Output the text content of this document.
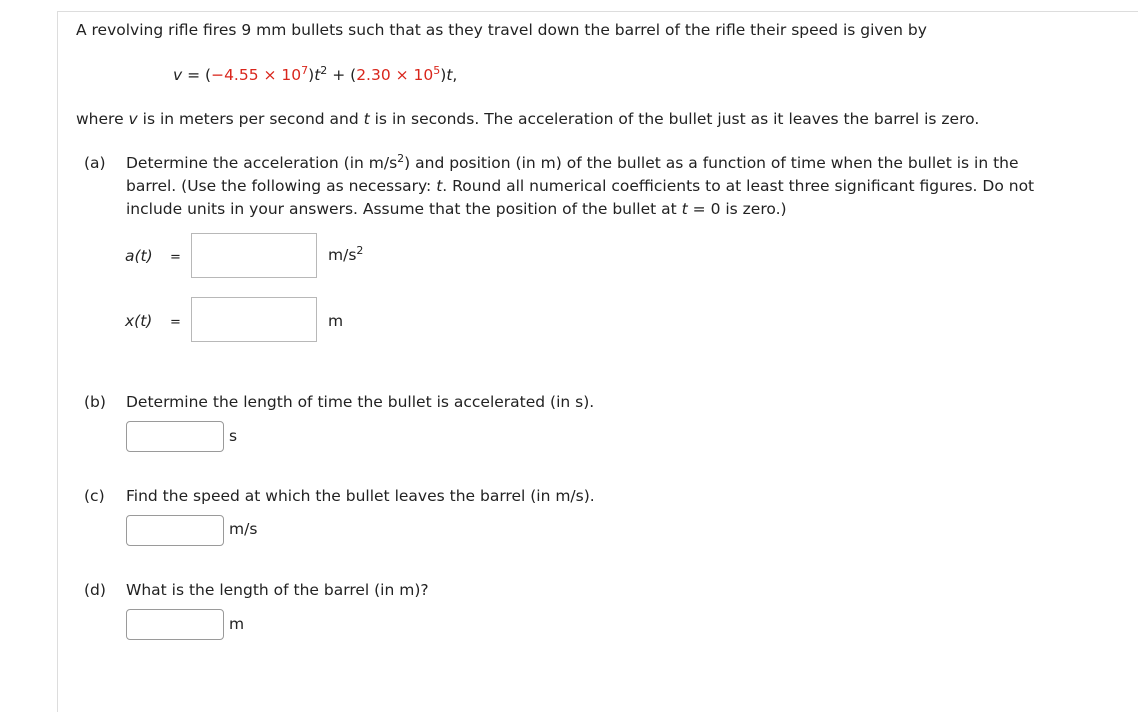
A revolving rifle fires 9 mm bullets such that as they travel down the barrel of the rifle their speed is given by
$v = (-4.55 \times 10^7)t^2 + (2.30 \times 10^5)t$,
where v is in meters per second and t is in seconds. The acceleration of the bullet just as it leaves the barrel is zero.
(a) Determine the acceleration (in $m/s^2$) and position (in m) of the bullet as a function of time when the bullet is in the
barrel. (Use the following as necessary: t. Round all numerical coefficients to at least three significant figures. Do not
include units in your answers. Assume that the position of the bullet at t = 0 is zero.)
a(t) =	$m/s^2$
x(t) =	m
(b) Determine the length of time the bullet is accelerated (in s).
s
(c) Find the speed at which the bullet leaves the barrel (in m/s).
m/s
(d) What is the length of the barrel (in m)?
m
